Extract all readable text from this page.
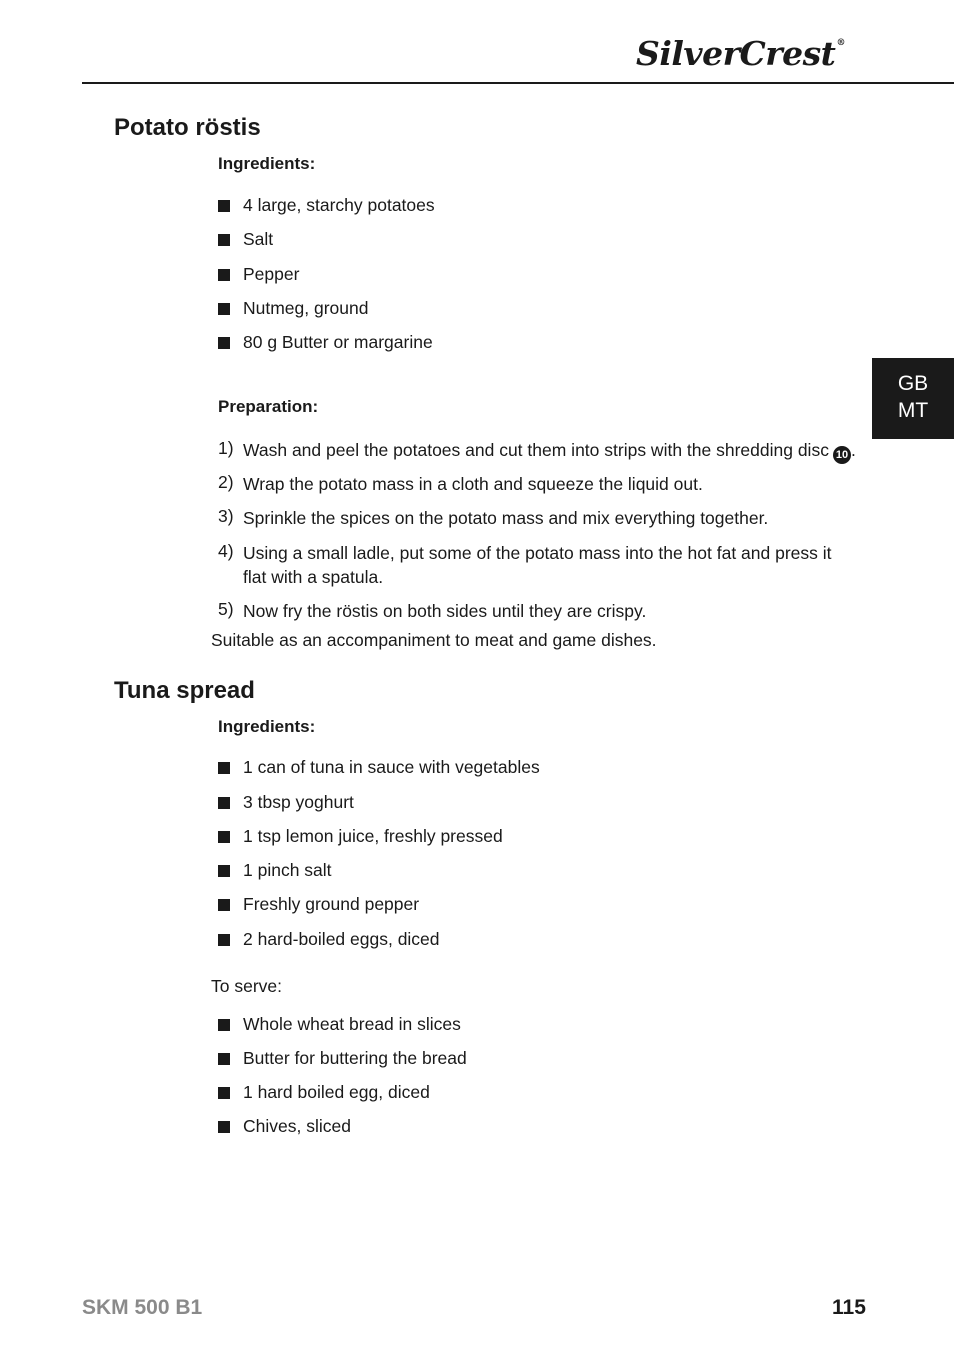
SilverCrest®
GB
MT
Potato röstis
Ingredients:
4 large, starchy potatoes
Salt
Pepper
Nutmeg, ground
80 g Butter or margarine
Preparation:
1) Wash and peel the potatoes and cut them into strips with the shredding disc 10 .
2) Wrap the potato mass in a cloth and squeeze the liquid out.
3) Sprinkle the spices on the potato mass and mix everything together.
4) Using a small ladle, put some of the potato mass into the hot fat and press it flat with a spatula.
5) Now fry the röstis on both sides until they are crispy.
Suitable as an accompaniment to meat and game dishes.
Tuna spread
Ingredients:
1 can of tuna in sauce with vegetables
3 tbsp yoghurt
1 tsp lemon juice, freshly pressed
1 pinch salt
Freshly ground pepper
2 hard-boiled eggs, diced
To serve:
Whole wheat bread in slices
Butter for buttering the bread
1 hard boiled egg, diced
Chives, sliced
SKM 500 B1	115
